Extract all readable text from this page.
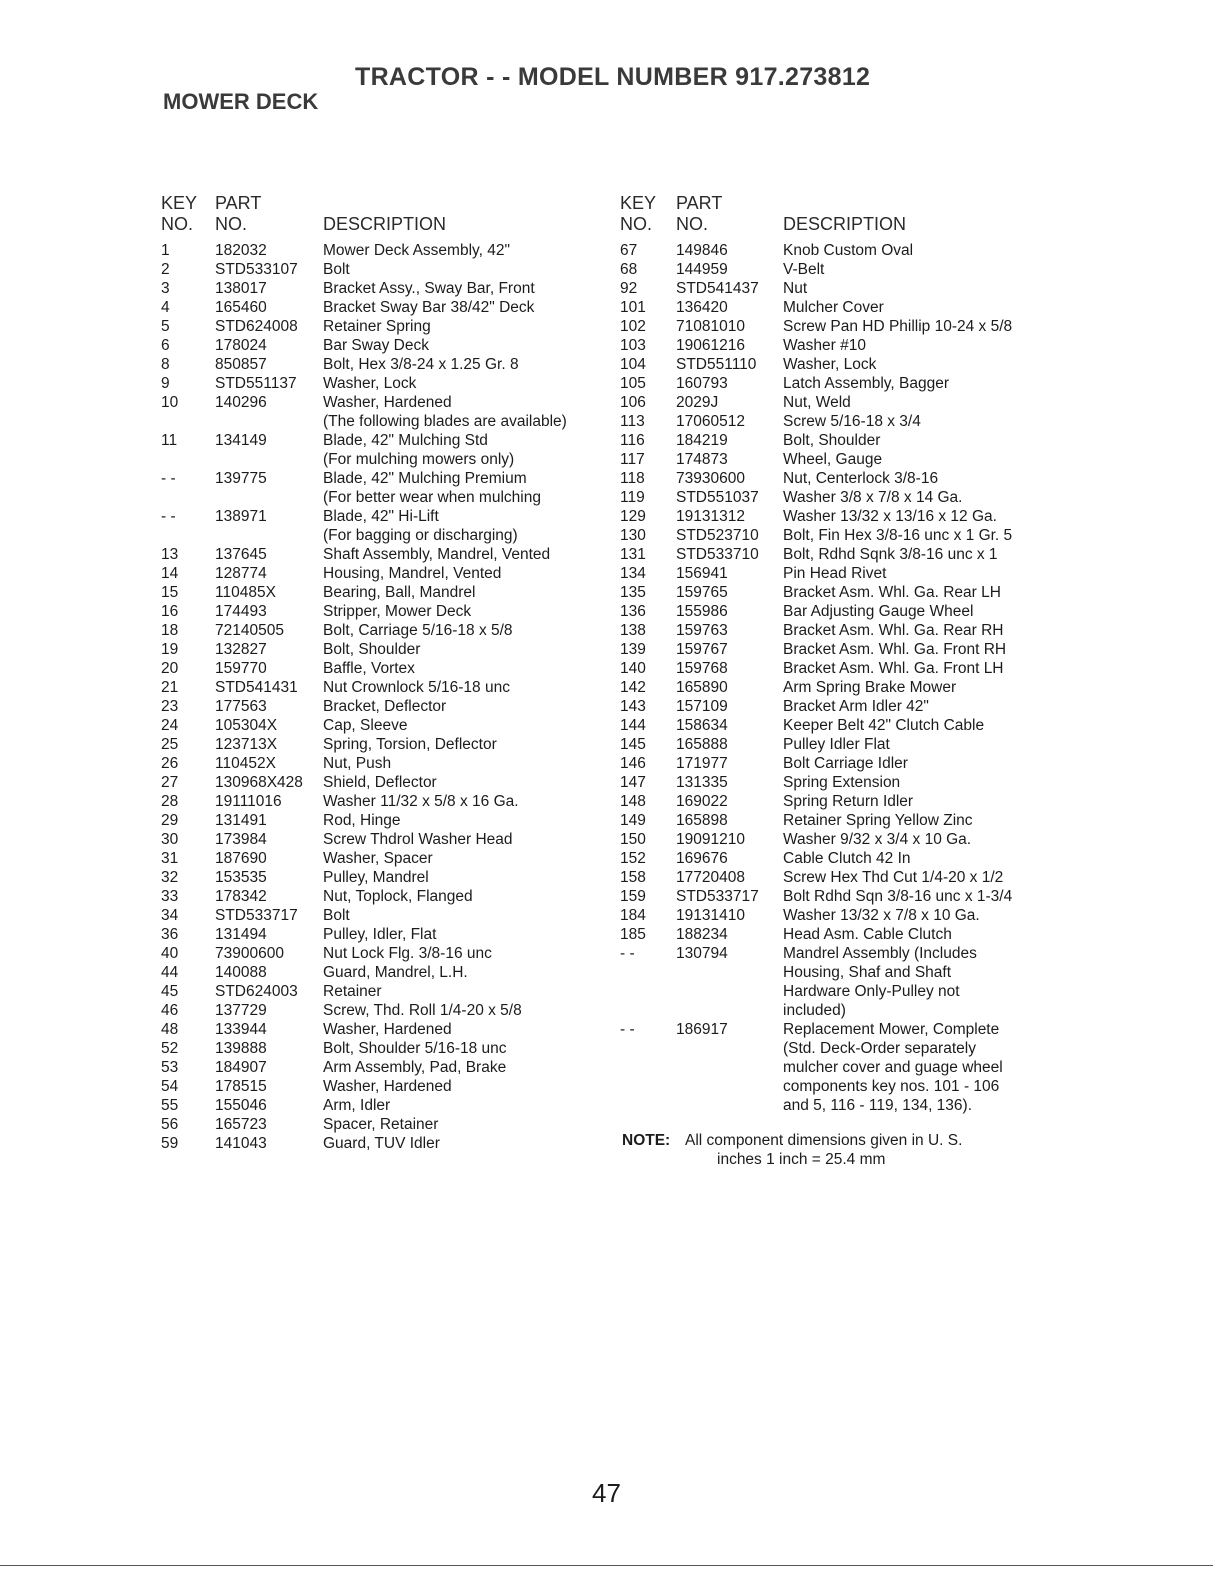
TRACTOR - - MODEL NUMBER 917.273812
MOWER DECK
KEY
NO.
PART
NO.	DESCRIPTION
1	182032	Mower Deck Assembly, 42"
2	STD533107	Bolt
3	138017	Bracket Assy., Sway Bar, Front
4	165460	Bracket Sway Bar 38/42" Deck
5	STD624008	Retainer Spring
6	178024	Bar Sway Deck
8	850857	Bolt, Hex 3/8-24 x 1.25 Gr. 8
9	STD551137	Washer, Lock
10	140296	Washer, Hardened
(The following blades are available)
11	134149	Blade, 42" Mulching Std
(For mulching mowers only)
- -	139775	Blade, 42" Mulching Premium
(For better wear when mulching
- -	138971	Blade, 42" Hi-Lift
(For bagging or discharging)
13	137645	Shaft Assembly, Mandrel, Vented
14	128774	Housing, Mandrel, Vented
15	110485X	Bearing, Ball, Mandrel
16	174493	Stripper, Mower Deck
18	72140505	Bolt, Carriage 5/16-18 x 5/8
19	132827	Bolt, Shoulder
20	159770	Baffle, Vortex
21	STD541431	Nut Crownlock 5/16-18 unc
23	177563	Bracket, Deflector
24	105304X	Cap, Sleeve
25	123713X	Spring, Torsion, Deflector
26	110452X	Nut, Push
27	130968X428	Shield, Deflector
28	19111016	Washer 11/32 x 5/8 x 16 Ga.
29	131491	Rod, Hinge
30	173984	Screw Thdrol Washer Head
31	187690	Washer, Spacer
32	153535	Pulley, Mandrel
33	178342	Nut, Toplock, Flanged
34	STD533717	Bolt
36	131494	Pulley, Idler, Flat
40	73900600	Nut Lock Flg. 3/8-16 unc
44	140088	Guard, Mandrel, L.H.
45	STD624003	Retainer
46	137729	Screw, Thd. Roll 1/4-20 x 5/8
48	133944	Washer, Hardened
52	139888	Bolt, Shoulder 5/16-18 unc
53	184907	Arm Assembly, Pad, Brake
54	178515	Washer, Hardened
55	155046	Arm, Idler
56	165723	Spacer, Retainer
59	141043	Guard, TUV Idler
KEY
NO.
PART
NO.	DESCRIPTION
67	149846	Knob Custom Oval
68	144959	V-Belt
92	STD541437	Nut
101	136420	Mulcher Cover
102	71081010	Screw Pan HD Phillip 10-24 x 5/8
103	19061216	Washer #10
104	STD551110	Washer, Lock
105	160793	Latch Assembly, Bagger
106	2029J	Nut, Weld
113	17060512	Screw 5/16-18 x 3/4
116	184219	Bolt, Shoulder
117	174873	Wheel, Gauge
118	73930600	Nut, Centerlock 3/8-16
119	STD551037	Washer 3/8 x 7/8 x 14 Ga.
129	19131312	Washer 13/32 x 13/16 x 12 Ga.
130	STD523710	Bolt, Fin Hex 3/8-16 unc x 1 Gr. 5
131	STD533710	Bolt, Rdhd Sqnk 3/8-16 unc x 1
134	156941	Pin Head Rivet
135	159765	Bracket Asm. Whl. Ga. Rear LH
136	155986	Bar Adjusting Gauge Wheel
138	159763	Bracket Asm. Whl. Ga. Rear RH
139	159767	Bracket Asm. Whl. Ga. Front RH
140	159768	Bracket Asm. Whl. Ga. Front LH
142	165890	Arm Spring Brake Mower
143	157109	Bracket Arm Idler 42"
144	158634	Keeper Belt 42" Clutch Cable
145	165888	Pulley Idler Flat
146	171977	Bolt Carriage Idler
147	131335	Spring Extension
148	169022	Spring Return Idler
149	165898	Retainer Spring Yellow Zinc
150	19091210	Washer 9/32 x 3/4 x 10 Ga.
152	169676	Cable Clutch 42 In
158	17720408	Screw Hex Thd Cut 1/4-20 x 1/2
159	STD533717	Bolt Rdhd Sqn 3/8-16 unc x 1-3/4
184	19131410	Washer 13/32 x 7/8 x 10 Ga.
185	188234	Head Asm. Cable Clutch
- -	130794	Mandrel Assembly (Includes
Housing, Shaf and Shaft
Hardware Only-Pulley not
included)
- -	186917	Replacement Mower, Complete
(Std. Deck-Order separately
mulcher cover and guage wheel
components key nos. 101 - 106
and 5, 116 - 119, 134, 136).
NOTE: All component dimensions given in U. S.
inches 1 inch = 25.4 mm
47
